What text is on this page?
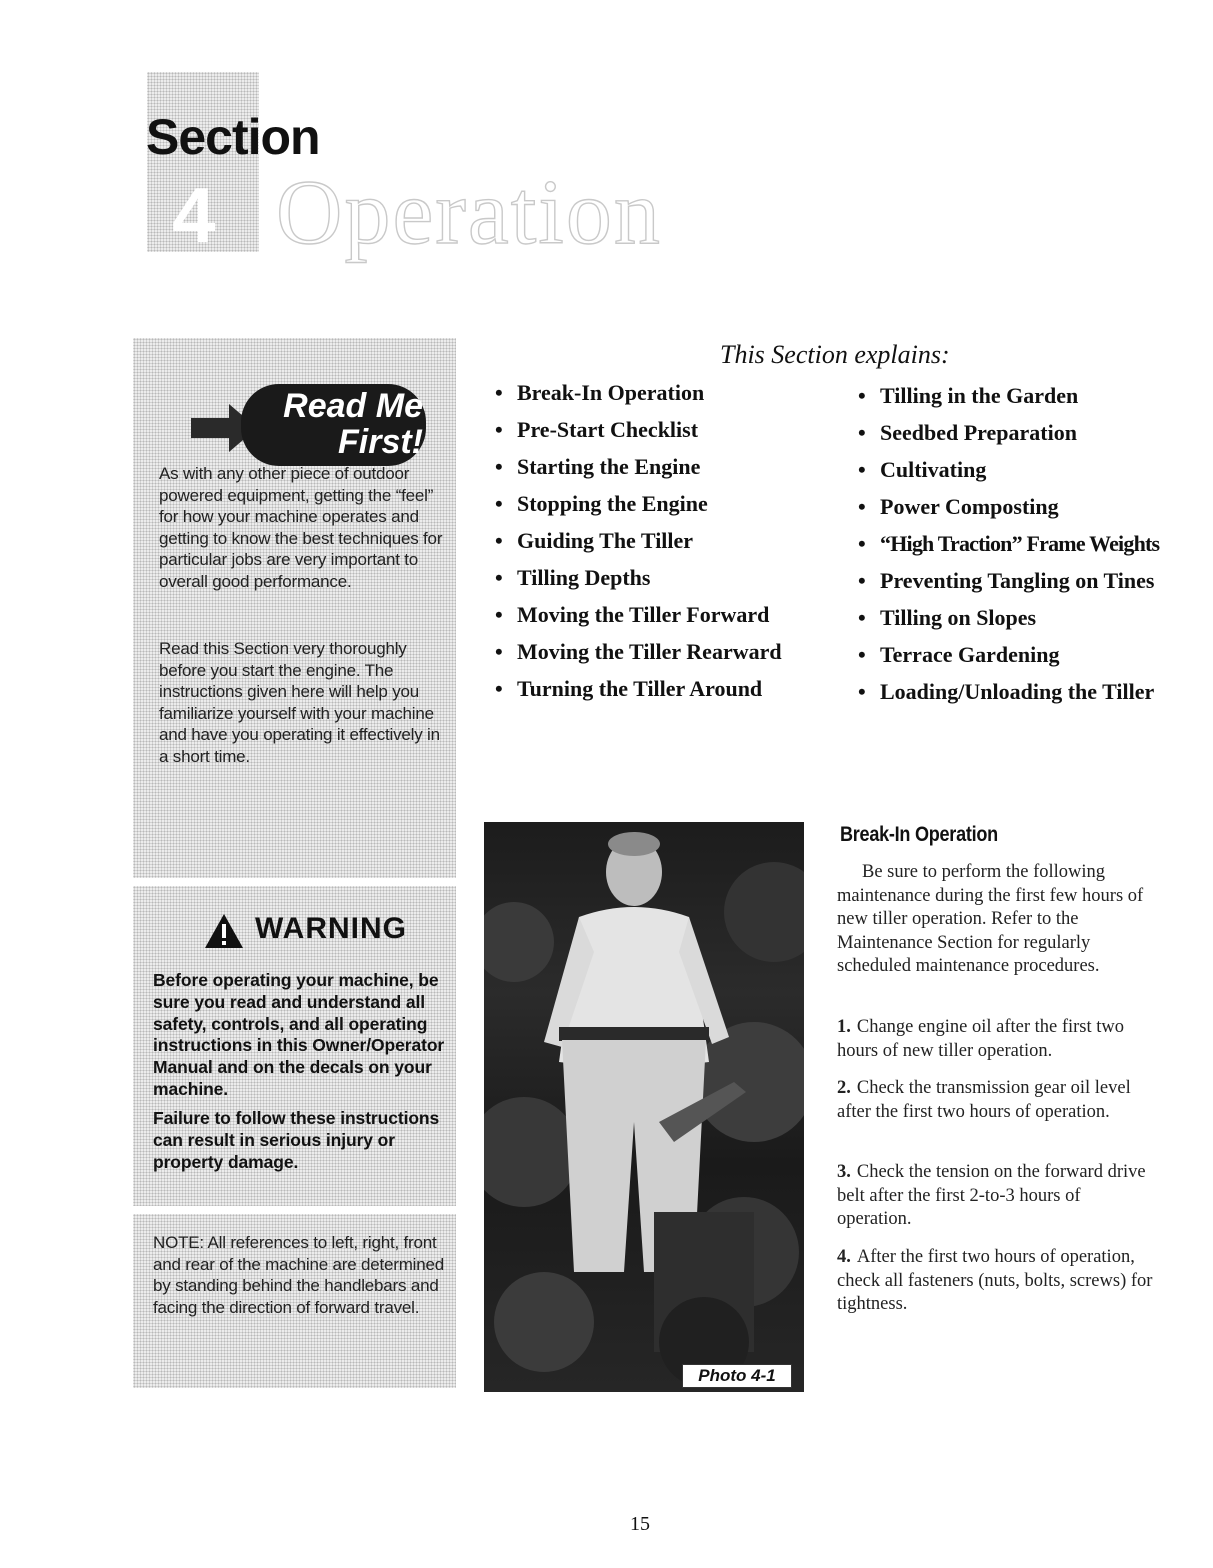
Section
4 Operation
Read Me First!
As with any other piece of outdoor powered equipment, getting the “feel” for how your machine operates and getting to know the best techniques for particular jobs are very important to overall good performance.
Read this Section very thoroughly before you start the engine. The instructions given here will help you familiarize yourself with your machine and have you operating it effectively in a short time.
WARNING
Before operating your machine, be sure you read and understand all safety, controls, and all operating instructions in this Owner/Operator Manual and on the decals on your machine.
Failure to follow these instructions can result in serious injury or property damage.
NOTE: All references to left, right, front and rear of the machine are determined by standing behind the handlebars and facing the direction of forward travel.
This Section explains:
• Break-In Operation
• Pre-Start Checklist
• Starting the Engine
• Stopping the Engine
• Guiding The Tiller
• Tilling Depths
• Moving the Tiller Forward
• Moving the Tiller Rearward
• Turning the Tiller Around
• Tilling in the Garden
• Seedbed Preparation
• Cultivating
• Power Composting
• “High Traction” Frame Weights
• Preventing Tangling on Tines
• Tilling on Slopes
• Terrace Gardening
• Loading/Unloading the Tiller
Photo 4-1
Break-In Operation
Be sure to perform the following maintenance during the first few hours of new tiller operation. Refer to the Maintenance Section for regularly scheduled maintenance procedures.
1. Change engine oil after the first two hours of new tiller operation.
2. Check the transmission gear oil level after the first two hours of operation.
3. Check the tension on the forward drive belt after the first 2-to-3 hours of operation.
4. After the first two hours of operation, check all fasteners (nuts, bolts, screws) for tightness.
15
